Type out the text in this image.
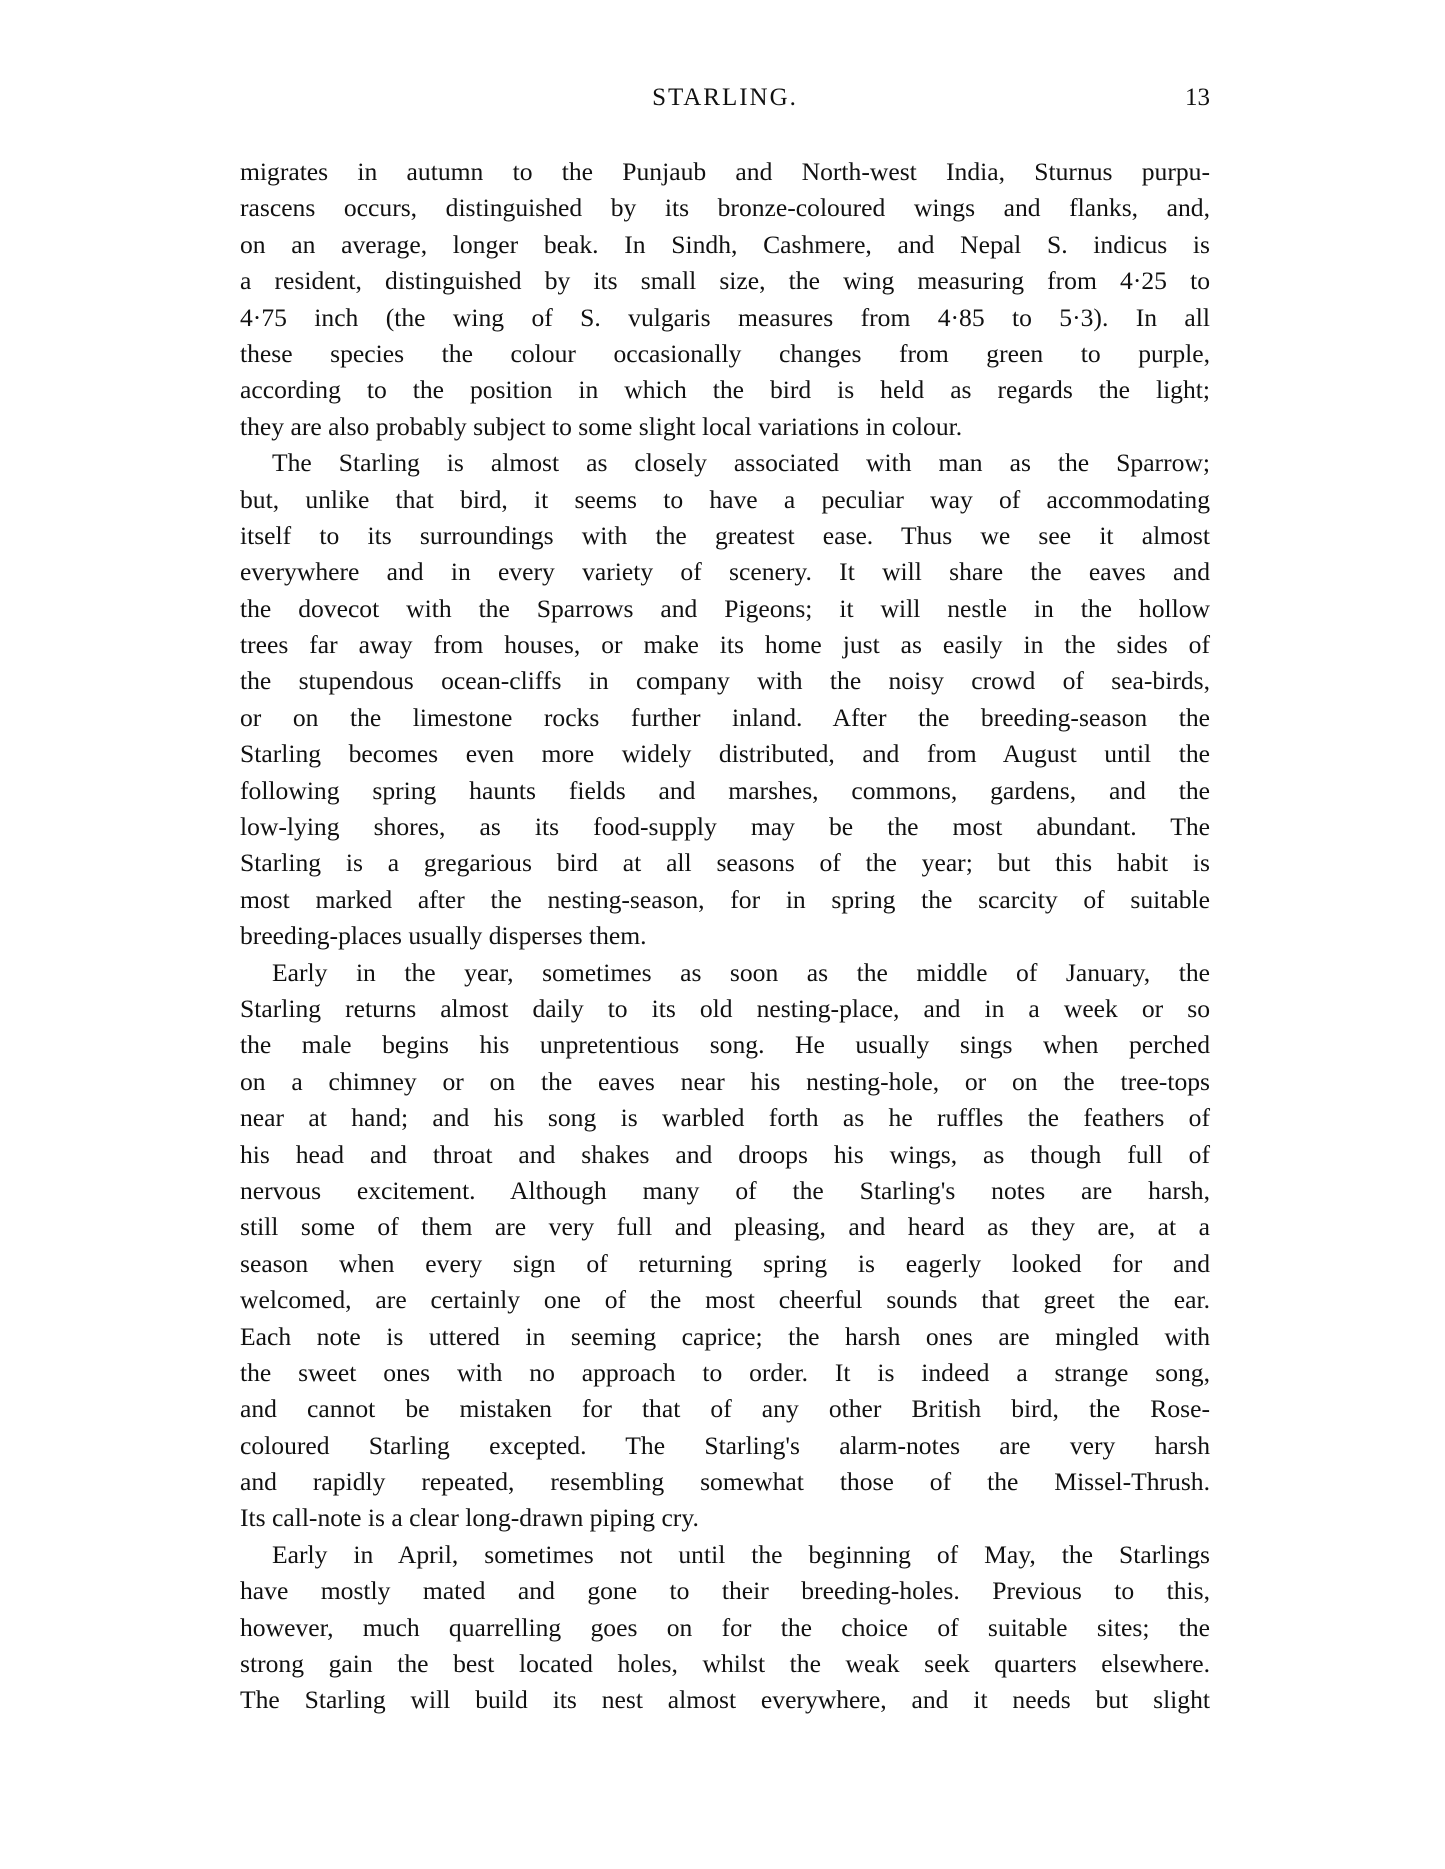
STARLING.	13
migrates in autumn to the Punjaub and North-west India, Sturnus purpu-
rascens occurs, distinguished by its bronze-coloured wings and flanks, and,
on an average, longer beak. In Sindh, Cashmere, and Nepal S. indicus is
a resident, distinguished by its small size, the wing measuring from 4·25 to
4·75 inch (the wing of S. vulgaris measures from 4·85 to 5·3). In all
these species the colour occasionally changes from green to purple,
according to the position in which the bird is held as regards the light;
they are also probably subject to some slight local variations in colour.
The Starling is almost as closely associated with man as the Sparrow;
but, unlike that bird, it seems to have a peculiar way of accommodating
itself to its surroundings with the greatest ease. Thus we see it almost
everywhere and in every variety of scenery. It will share the eaves and
the dovecot with the Sparrows and Pigeons; it will nestle in the hollow
trees far away from houses, or make its home just as easily in the sides of
the stupendous ocean-cliffs in company with the noisy crowd of sea-birds,
or on the limestone rocks further inland. After the breeding-season the
Starling becomes even more widely distributed, and from August until the
following spring haunts fields and marshes, commons, gardens, and the
low-lying shores, as its food-supply may be the most abundant. The
Starling is a gregarious bird at all seasons of the year; but this habit is
most marked after the nesting-season, for in spring the scarcity of suitable
breeding-places usually disperses them.
Early in the year, sometimes as soon as the middle of January, the
Starling returns almost daily to its old nesting-place, and in a week or so
the male begins his unpretentious song. He usually sings when perched
on a chimney or on the eaves near his nesting-hole, or on the tree-tops
near at hand; and his song is warbled forth as he ruffles the feathers of
his head and throat and shakes and droops his wings, as though full of
nervous excitement. Although many of the Starling's notes are harsh,
still some of them are very full and pleasing, and heard as they are, at a
season when every sign of returning spring is eagerly looked for and
welcomed, are certainly one of the most cheerful sounds that greet the ear.
Each note is uttered in seeming caprice; the harsh ones are mingled with
the sweet ones with no approach to order. It is indeed a strange song,
and cannot be mistaken for that of any other British bird, the Rose-
coloured Starling excepted. The Starling's alarm-notes are very harsh
and rapidly repeated, resembling somewhat those of the Missel-Thrush.
Its call-note is a clear long-drawn piping cry.
Early in April, sometimes not until the beginning of May, the Starlings
have mostly mated and gone to their breeding-holes. Previous to this,
however, much quarrelling goes on for the choice of suitable sites; the
strong gain the best located holes, whilst the weak seek quarters elsewhere.
The Starling will build its nest almost everywhere, and it needs but slight
